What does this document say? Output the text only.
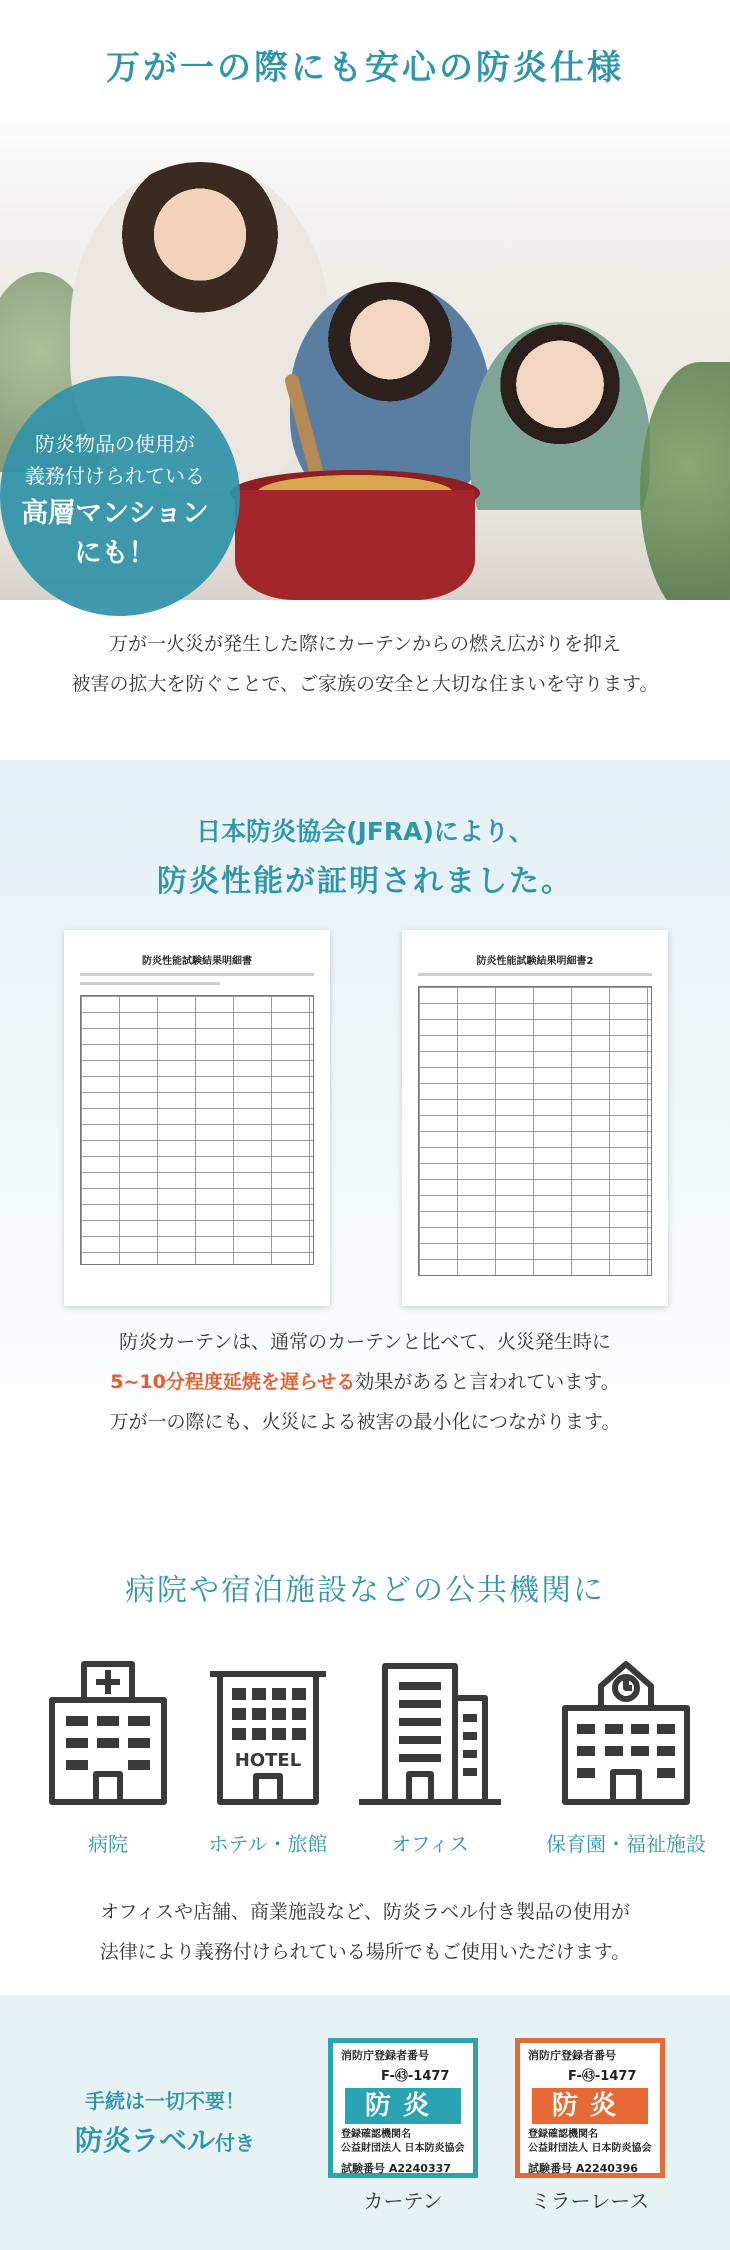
万が一の際にも安心の防炎仕様
防炎物品の使用が
義務付けられている
高層マンション
にも！
万が一火災が発生した際にカーテンからの燃え広がりを抑え
被害の拡大を防ぐことで、ご家族の安全と大切な住まいを守ります。
日本防炎協会(JFRA)により、
防炎性能が証明されました。
防炎性能試験結果明細書	防炎性能試験結果明細書2
防炎カーテンは、通常のカーテンと比べて、火災発生時に
5~10分程度延焼を遅らせる効果があると言われています。
万が一の際にも、火災による被害の最小化につながります。
病院や宿泊施設などの公共機関に
病院
HOTEL
ホテル・旅館	オフィス	保育園・福祉施設
オフィスや店舗、商業施設など、防炎ラベル付き製品の使用が
法律により義務付けられている場所でもご使用いただけます。
手続は一切不要！
防炎ラベル付き
消防庁登録者番号
F-㊸-1477
防炎
登録確認機関名
公益財団法人 日本防炎協会
試験番号 A2240337
カーテン
消防庁登録者番号
F-㊸-1477
防炎
登録確認機関名
公益財団法人 日本防炎協会
試験番号 A2240396
ミラーレース
